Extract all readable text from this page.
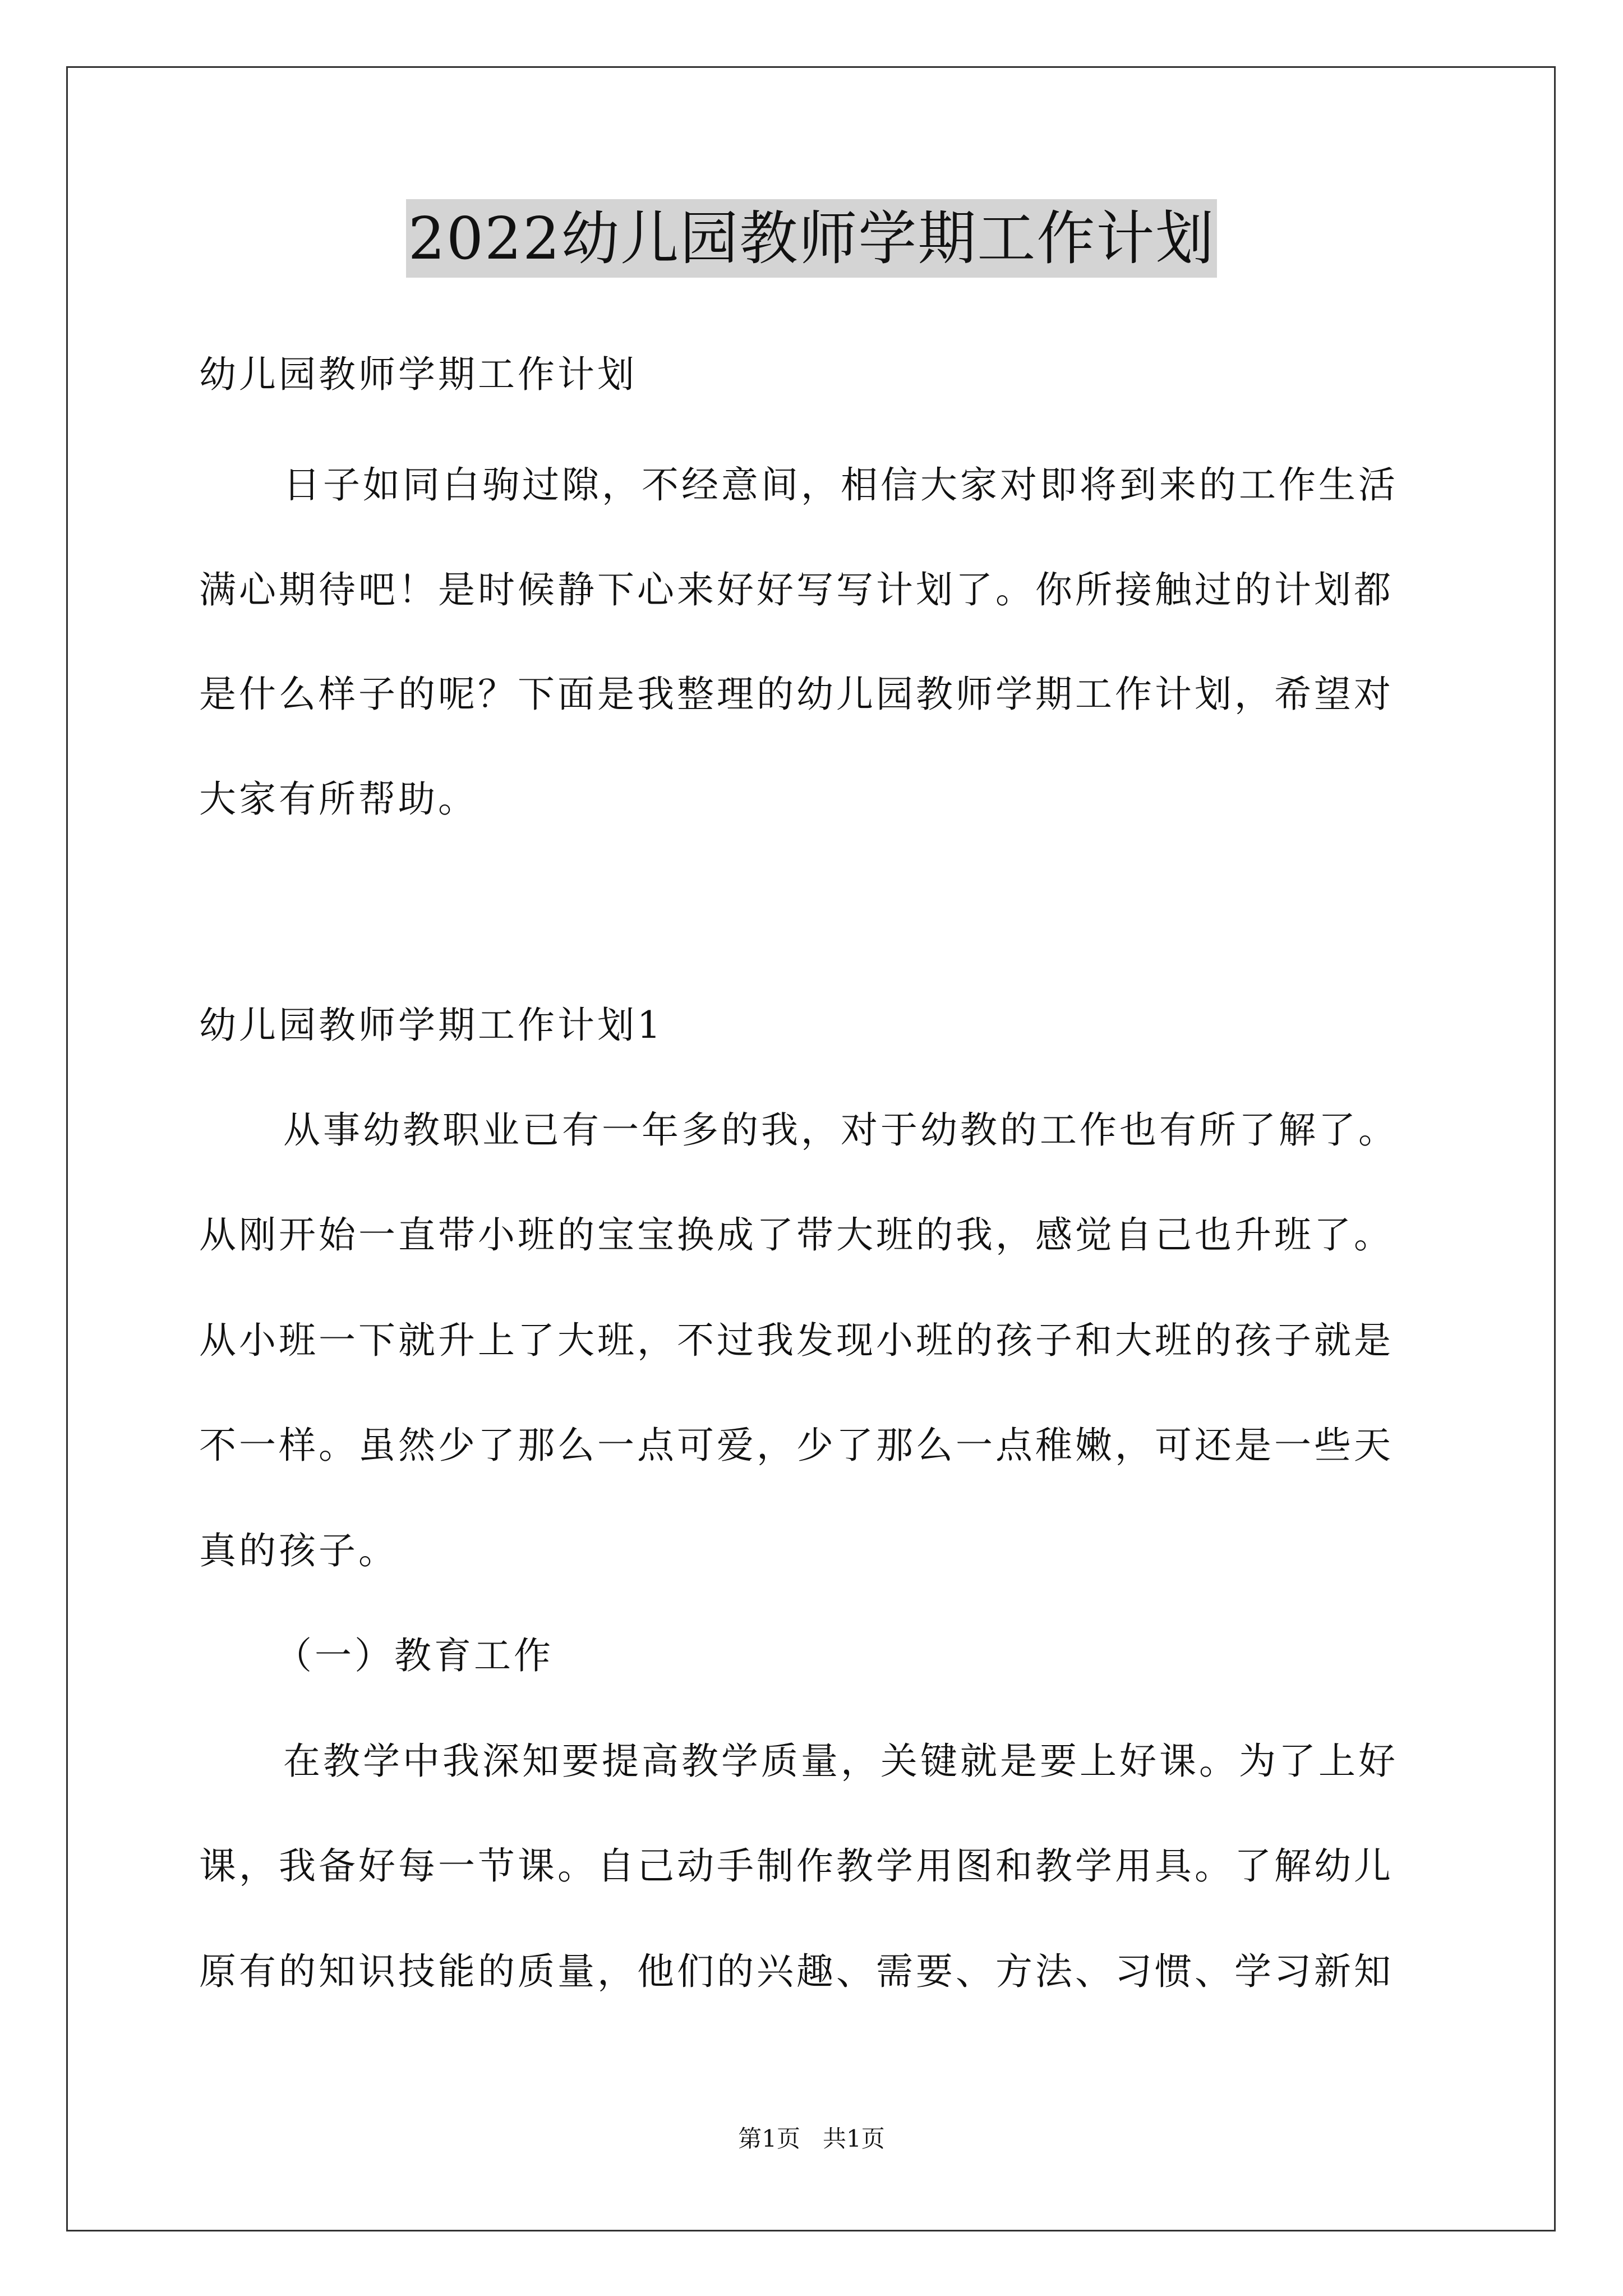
2022幼儿园教师学期工作计划
幼儿园教师学期工作计划
日子如同白驹过隙，不经意间，相信大家对即将到来的工作生活
满心期待吧！是时候静下心来好好写写计划了。你所接触过的计划都
是什么样子的呢？下面是我整理的幼儿园教师学期工作计划，希望对
大家有所帮助。
幼儿园教师学期工作计划1
从事幼教职业已有一年多的我，对于幼教的工作也有所了解了。
从刚开始一直带小班的宝宝换成了带大班的我，感觉自己也升班了。
从小班一下就升上了大班，不过我发现小班的孩子和大班的孩子就是
不一样。虽然少了那么一点可爱，少了那么一点稚嫩，可还是一些天
真的孩子。
（一）教育工作
在教学中我深知要提高教学质量，关键就是要上好课。为了上好
课，我备好每一节课。自己动手制作教学用图和教学用具。了解幼儿
原有的知识技能的质量，他们的兴趣、需要、方法、习惯、学习新知
第1页   共1页
